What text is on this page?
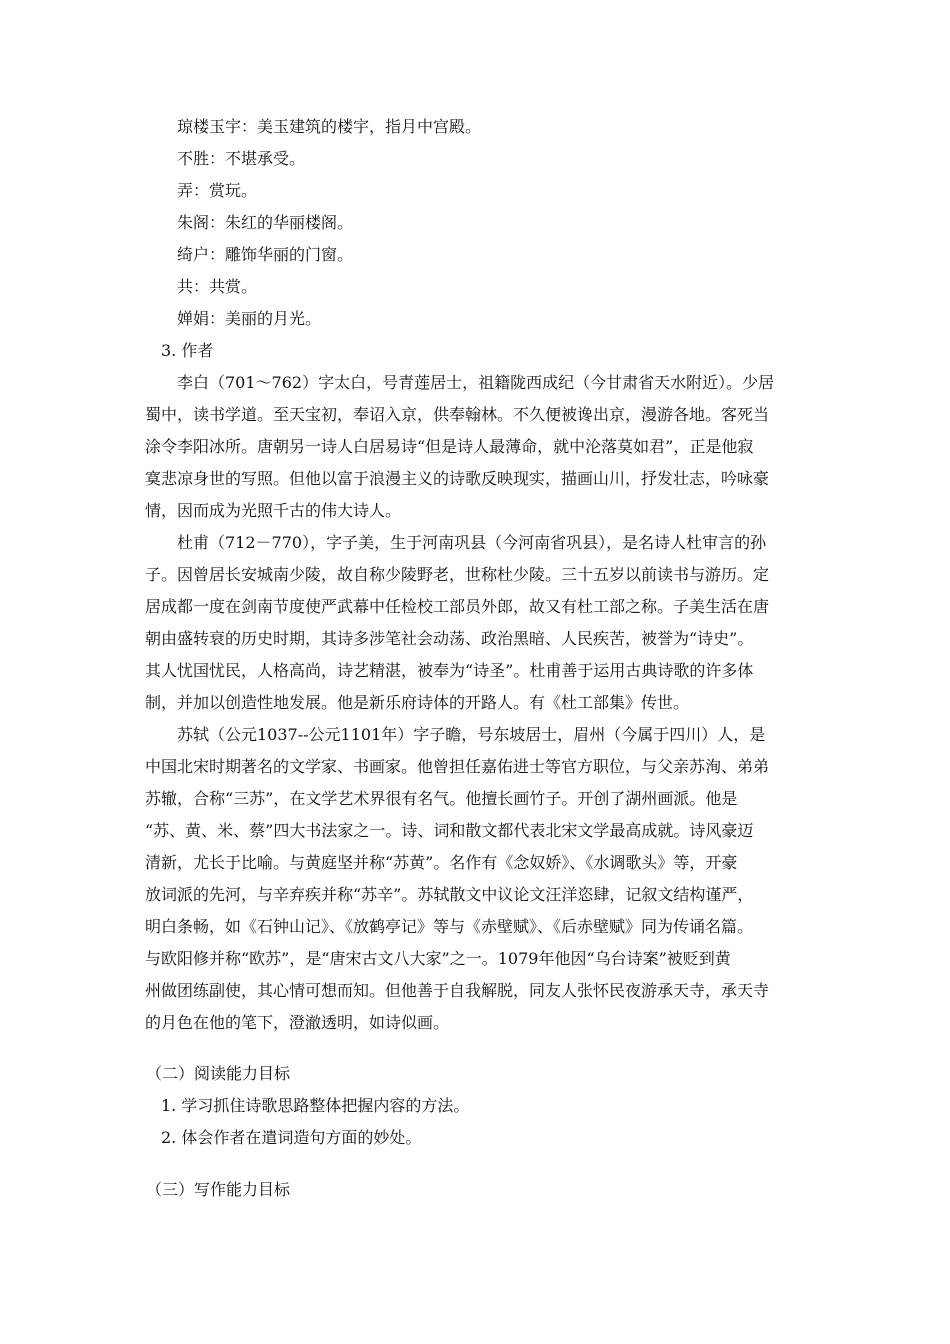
琼楼玉宇：美玉建筑的楼宇，指月中宫殿。
不胜：不堪承受。
弄：赏玩。
朱阁：朱红的华丽楼阁。
绮户：雕饰华丽的门窗。
共：共赏。
婵娟：美丽的月光。
3. 作者
李白（701～762）字太白，号青莲居士，祖籍陇西成纪（今甘肃省天水附近）。少居
蜀中，读书学道。至天宝初，奉诏入京，供奉翰林。不久便被谗出京，漫游各地。客死当
涂令李阳冰所。唐朝另一诗人白居易诗“但是诗人最薄命，就中沦落莫如君”，正是他寂
寞悲凉身世的写照。但他以富于浪漫主义的诗歌反映现实，描画山川，抒发壮志，吟咏豪
情，因而成为光照千古的伟大诗人。
杜甫（712－770），字子美，生于河南巩县（今河南省巩县），是名诗人杜审言的孙
子。因曾居长安城南少陵，故自称少陵野老，世称杜少陵。三十五岁以前读书与游历。定
居成都一度在剑南节度使严武幕中任检校工部员外郎，故又有杜工部之称。子美生活在唐
朝由盛转衰的历史时期，其诗多涉笔社会动荡、政治黑暗、人民疾苦，被誉为“诗史”。
其人忧国忧民，人格高尚，诗艺精湛，被奉为“诗圣”。杜甫善于运用古典诗歌的许多体
制，并加以创造性地发展。他是新乐府诗体的开路人。有《杜工部集》传世。
苏轼（公元1037--公元1101年）字子瞻，号东坡居士，眉州（今属于四川）人，是
中国北宋时期著名的文学家、书画家。他曾担任嘉佑进士等官方职位，与父亲苏洵、弟弟
苏辙，合称“三苏”，在文学艺术界很有名气。他擅长画竹子。开创了湖州画派。他是
“苏、黄、米、蔡”四大书法家之一。诗、词和散文都代表北宋文学最高成就。诗风豪迈
清新，尤长于比喻。与黄庭坚并称“苏黄”。名作有《念奴娇》、《水调歌头》等，开豪
放词派的先河，与辛弃疾并称“苏辛”。苏轼散文中议论文汪洋恣肆，记叙文结构谨严，
明白条畅，如《石钟山记》、《放鹤亭记》等与《赤壁赋》、《后赤壁赋》同为传诵名篇。
与欧阳修并称“欧苏”，是“唐宋古文八大家”之一。1079年他因“乌台诗案”被贬到黄
州做团练副使，其心情可想而知。但他善于自我解脱，同友人张怀民夜游承天寺，承天寺
的月色在他的笔下，澄澈透明，如诗似画。
（二）阅读能力目标
1. 学习抓住诗歌思路整体把握内容的方法。
2. 体会作者在遣词造句方面的妙处。
（三）写作能力目标
